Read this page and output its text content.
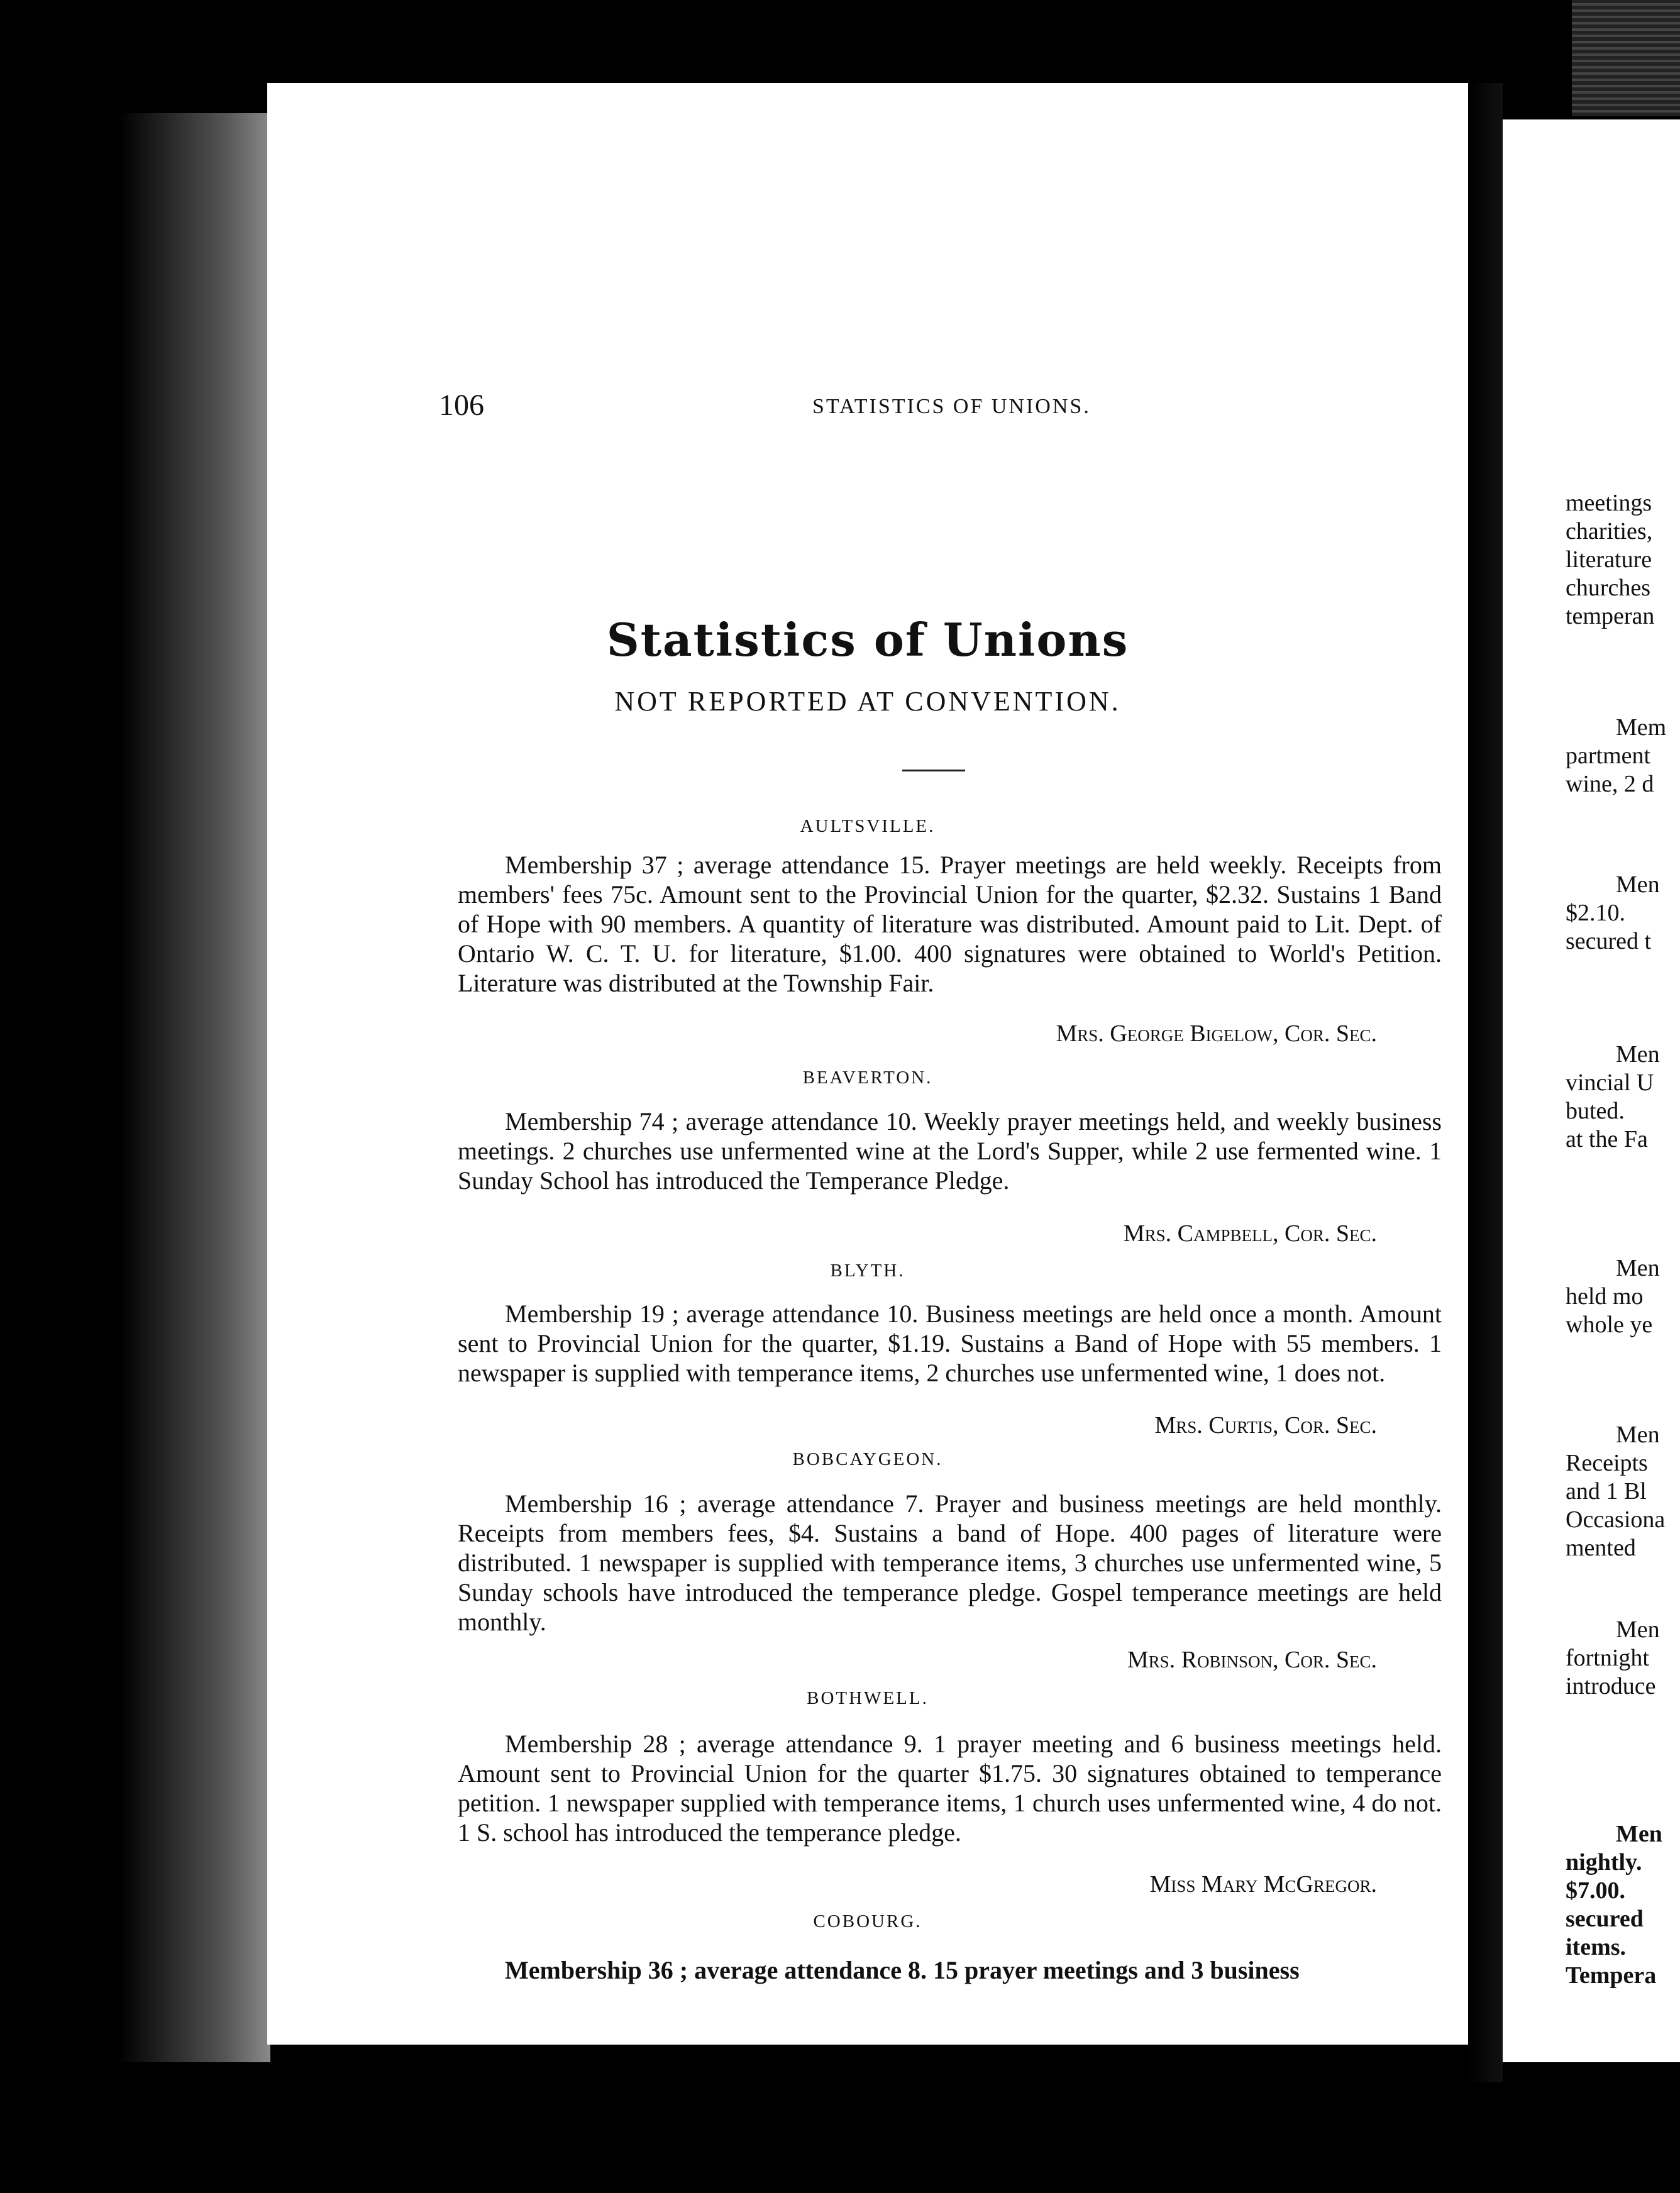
106	STATISTICS OF UNIONS.
Statistics of Unions
NOT REPORTED AT CONVENTION.
AULTSVILLE.
Membership 37 ; average attendance 15. Prayer meetings are held weekly. Receipts from members' fees 75c. Amount sent to the Provincial Union for the quarter, $2.32. Sustains 1 Band of Hope with 90 members. A quantity of literature was distributed. Amount paid to Lit. Dept. of Ontario W. C. T. U. for literature, $1.00. 400 signatures were obtained to World's Petition. Literature was distributed at the Township Fair.
Mrs. George Bigelow, Cor. Sec.
BEAVERTON.
Membership 74 ; average attendance 10. Weekly prayer meetings held, and weekly business meetings. 2 churches use unfermented wine at the Lord's Supper, while 2 use fermented wine. 1 Sunday School has introduced the Temperance Pledge.
Mrs. Campbell, Cor. Sec.
BLYTH.
Membership 19 ; average attendance 10. Business meetings are held once a month. Amount sent to Provincial Union for the quarter, $1.19. Sustains a Band of Hope with 55 members. 1 newspaper is supplied with temperance items, 2 churches use unfermented wine, 1 does not.
Mrs. Curtis, Cor. Sec.
BOBCAYGEON.
Membership 16 ; average attendance 7. Prayer and business meetings are held monthly. Receipts from members fees, $4. Sustains a band of Hope. 400 pages of literature were distributed. 1 newspaper is supplied with temperance items, 3 churches use unfermented wine, 5 Sunday schools have introduced the temperance pledge. Gospel temperance meetings are held monthly.
Mrs. Robinson, Cor. Sec.
BOTHWELL.
Membership 28 ; average attendance 9. 1 prayer meeting and 6 business meetings held. Amount sent to Provincial Union for the quarter $1.75. 30 signatures obtained to temperance petition. 1 newspaper supplied with temperance items, 1 church uses unfermented wine, 4 do not. 1 S. school has introduced the temperance pledge.
Miss Mary McGregor.
COBOURG.
Membership 36 ; average attendance 8. 15 prayer meetings and 3 business
meetings
charities,
literature
churches
temperan
Mem
partment
wine, 2 d
Men
$2.10.
secured t
Men
vincial U
buted.
at the Fa
Men
held mo
whole ye
Men
Receipts
and 1 Bl
Occasiona
mented
Men
fortnight
introduce
Men
nightly.
$7.00.
secured
items.
Tempera
